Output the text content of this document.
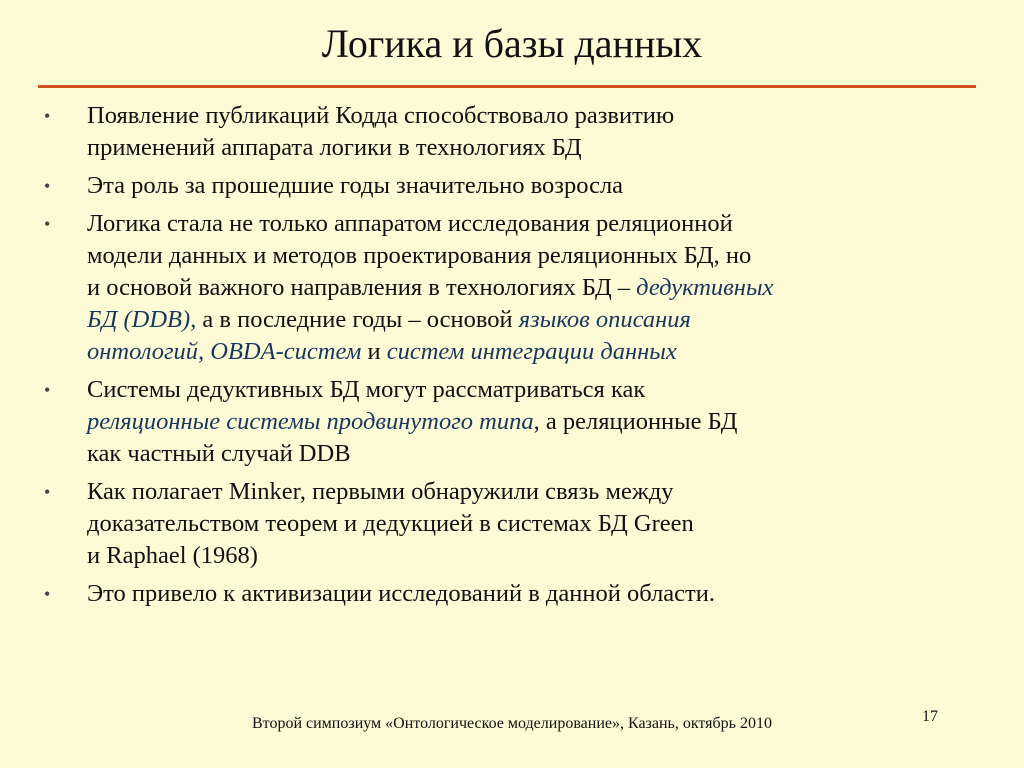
Логика и базы данных
• Появление публикаций Кодда способствовало развитию
применений аппарата логики в технологиях БД
• Эта роль за прошедшие годы значительно возросла
• Логика стала не только аппаратом исследования реляционной
модели данных и методов проектирования реляционных БД, но
и основой важного направления в технологиях БД – дедуктивных
БД (DDB), а в последние годы – основой языков описания
онтологий, OBDA-систем и систем интеграции данных
• Системы дедуктивных БД могут рассматриваться как
реляционные системы продвинутого типа, а реляционные БД
как частный случай DDB
• Как полагает Minker, первыми обнаружили связь между
доказательством теорем и дедукцией в системах БД Green
и Raphael (1968)
• Это привело к активизации исследований в данной области.
Второй симпозиум «Онтологическое моделирование», Казань, октябрь 2010	17
